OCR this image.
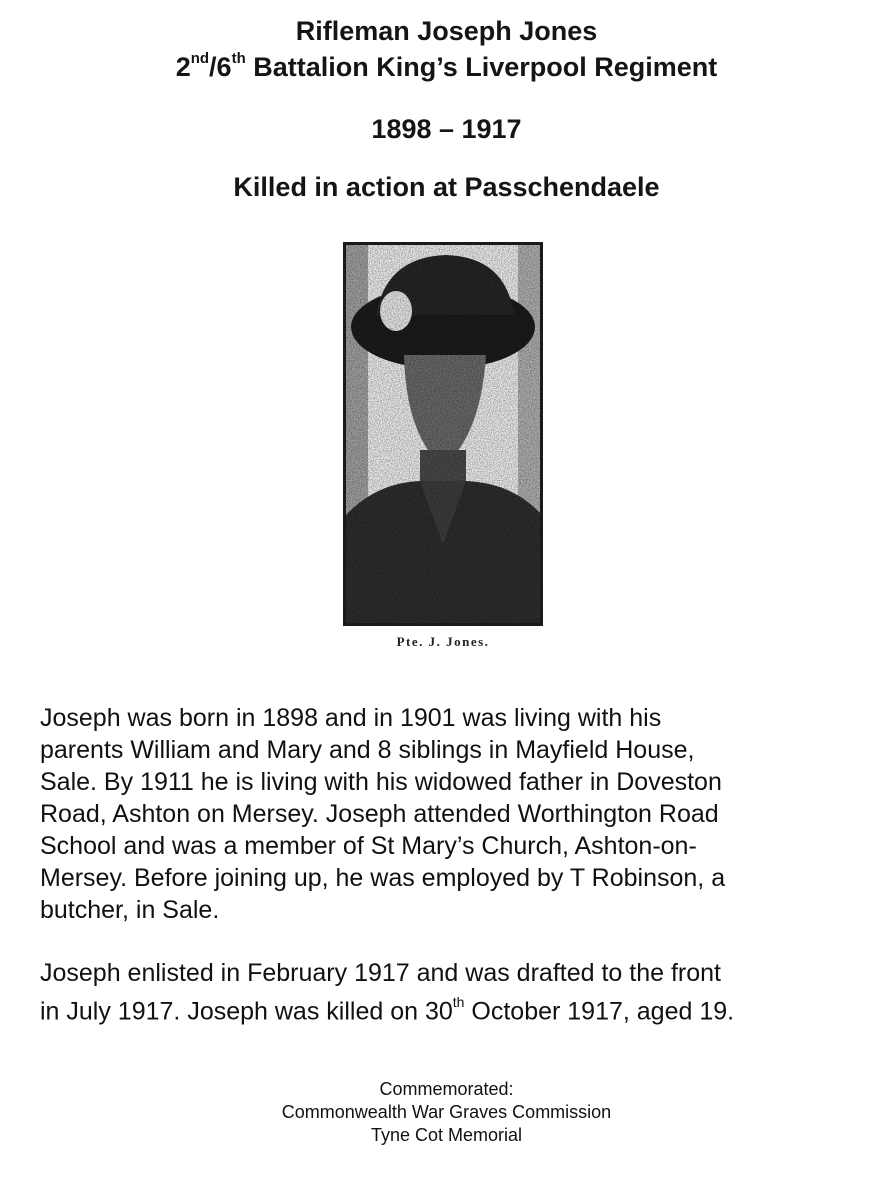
Rifleman Joseph Jones
2nd/6th Battalion King’s Liverpool Regiment
1898 – 1917
Killed in action at Passchendaele
Pte. J. Jones.
Joseph was born in 1898 and in 1901 was living with his
parents William and Mary and 8 siblings in Mayfield House,
Sale. By 1911 he is living with his widowed father in Doveston
Road, Ashton on Mersey. Joseph attended Worthington Road
School and was a member of St Mary’s Church, Ashton-on-
Mersey. Before joining up, he was employed by T Robinson, a
butcher, in Sale.
Joseph enlisted in February 1917 and was drafted to the front
in July 1917. Joseph was killed on 30th October 1917, aged 19.
Commemorated:
Commonwealth War Graves Commission
Tyne Cot Memorial
